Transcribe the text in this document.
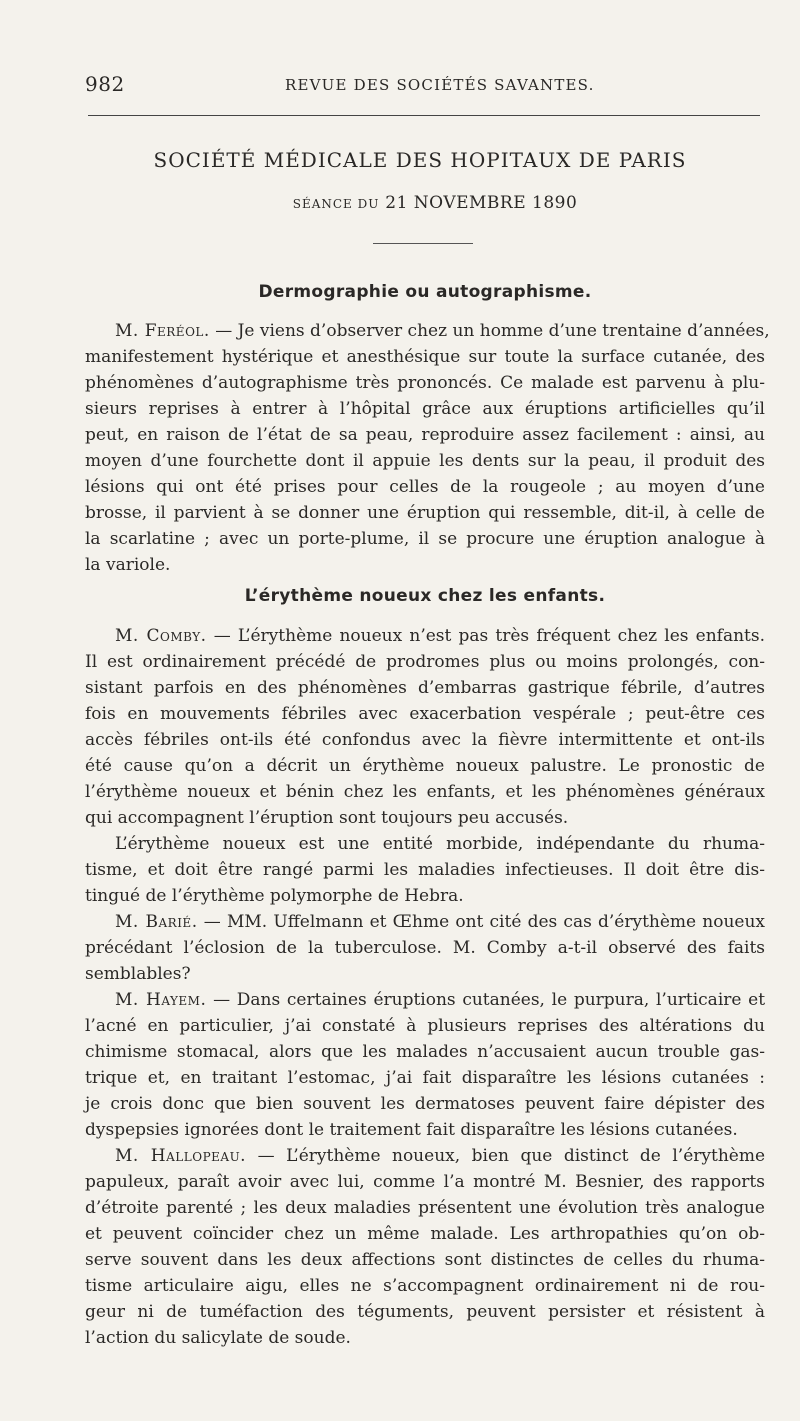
982	REVUE DES SOCIÉTÉS SAVANTES.
SOCIÉTÉ MÉDICALE DES HOPITAUX DE PARIS
SÉANCE DU 21 NOVEMBRE 1890
Dermographie ou autographisme.
M. Feréol. — Je viens d’observer chez un homme d’une trentaine d’années,
manifestement hystérique et anesthésique sur toute la surface cutanée, des
phénomènes d’autographisme très prononcés. Ce malade est parvenu à plu-
sieurs reprises à entrer à l’hôpital grâce aux éruptions artificielles qu’il
peut, en raison de l’état de sa peau, reproduire assez facilement : ainsi, au
moyen d’une fourchette dont il appuie les dents sur la peau, il produit des
lésions qui ont été prises pour celles de la rougeole ; au moyen d’une
brosse, il parvient à se donner une éruption qui ressemble, dit-il, à celle de
la scarlatine ; avec un porte-plume, il se procure une éruption analogue à
la variole.
L’érythème noueux chez les enfants.
M. Comby. — L’érythème noueux n’est pas très fréquent chez les enfants.
Il est ordinairement précédé de prodromes plus ou moins prolongés, con-
sistant parfois en des phénomènes d’embarras gastrique fébrile, d’autres
fois en mouvements fébriles avec exacerbation vespérale ; peut-être ces
accès fébriles ont-ils été confondus avec la fièvre intermittente et ont-ils
été cause qu’on a décrit un érythème noueux palustre. Le pronostic de
l’érythème noueux et bénin chez les enfants, et les phénomènes généraux
qui accompagnent l’éruption sont toujours peu accusés.
L’érythème noueux est une entité morbide, indépendante du rhuma-
tisme, et doit être rangé parmi les maladies infectieuses. Il doit être dis-
tingué de l’érythème polymorphe de Hebra.
M. Barié. — MM. Uffelmann et Œhme ont cité des cas d’érythème noueux
précédant l’éclosion de la tuberculose. M. Comby a-t-il observé des faits
semblables?
M. Hayem. — Dans certaines éruptions cutanées, le purpura, l’urticaire et
l’acné en particulier, j’ai constaté à plusieurs reprises des altérations du
chimisme stomacal, alors que les malades n’accusaient aucun trouble gas-
trique et, en traitant l’estomac, j’ai fait disparaître les lésions cutanées :
je crois donc que bien souvent les dermatoses peuvent faire dépister des
dyspepsies ignorées dont le traitement fait disparaître les lésions cutanées.
M. Hallopeau. — L’érythème noueux, bien que distinct de l’érythème
papuleux, paraît avoir avec lui, comme l’a montré M. Besnier, des rapports
d’étroite parenté ; les deux maladies présentent une évolution très analogue
et peuvent coïncider chez un même malade. Les arthropathies qu’on ob-
serve souvent dans les deux affections sont distinctes de celles du rhuma-
tisme articulaire aigu, elles ne s’accompagnent ordinairement ni de rou-
geur ni de tuméfaction des téguments, peuvent persister et résistent à
l’action du salicylate de soude.
